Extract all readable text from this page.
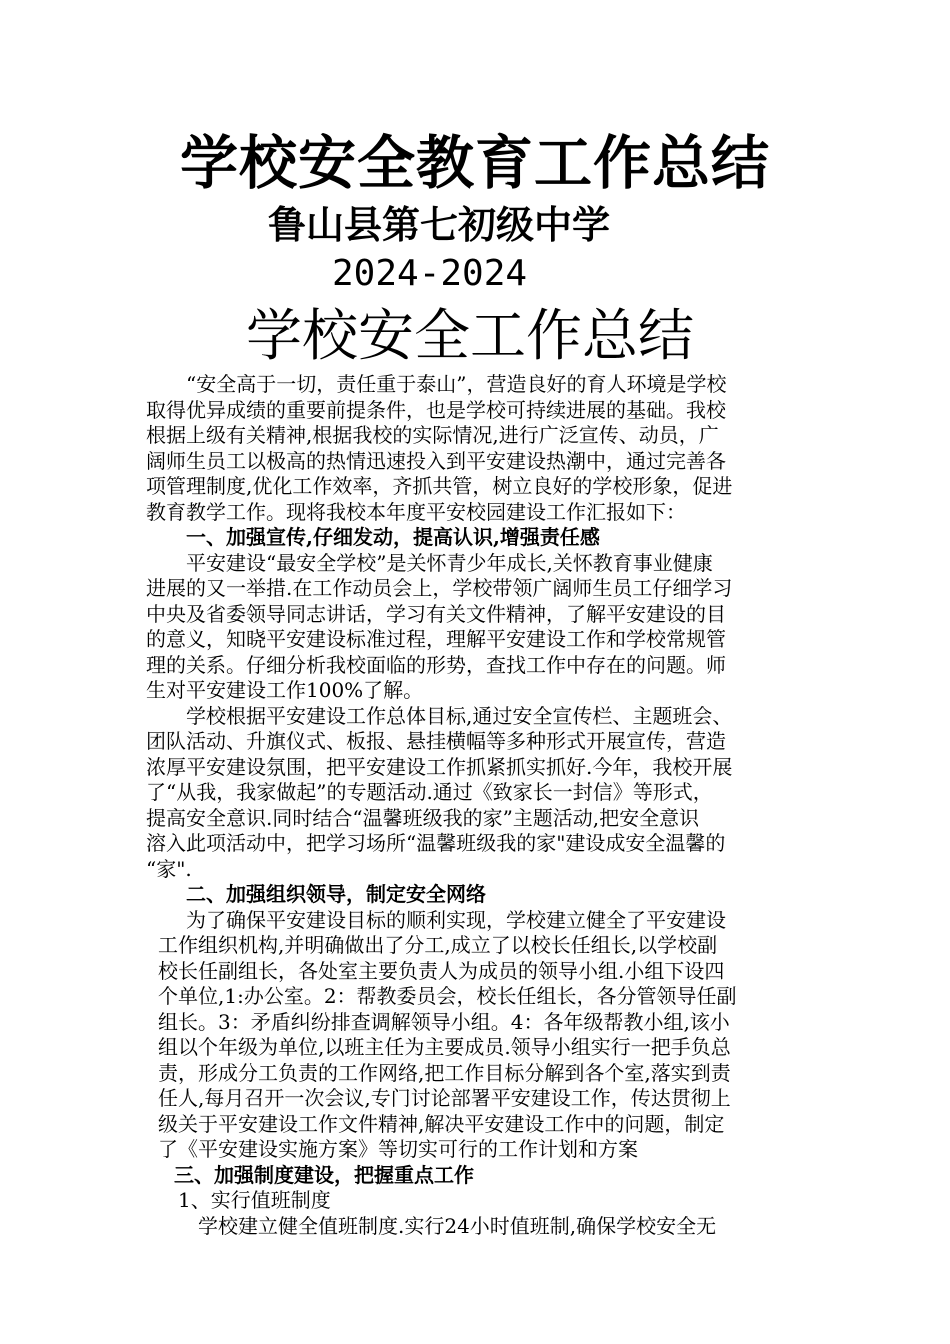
学校安全教育工作总结
鲁山县第七初级中学
2024-2024
学校安全工作总结
“安全高于一切，责任重于泰山”，营造良好的育人环境是学校
取得优异成绩的重要前提条件，也是学校可持续进展的基础。我校
根据上级有关精神,根据我校的实际情况,进行广泛宣传、动员，广
阔师生员工以极高的热情迅速投入到平安建设热潮中，通过完善各
项管理制度,优化工作效率，齐抓共管，树立良好的学校形象，促进
教育教学工作。现将我校本年度平安校园建设工作汇报如下：
一、加强宣传,仔细发动，提高认识,增强责任感
平安建设“最安全学校”是关怀青少年成长,关怀教育事业健康
进展的又一举措.在工作动员会上，学校带领广阔师生员工仔细学习
中央及省委领导同志讲话，学习有关文件精神，了解平安建设的目
的意义，知晓平安建设标准过程，理解平安建设工作和学校常规管
理的关系。仔细分析我校面临的形势，查找工作中存在的问题。师
生对平安建设工作100%了解。
学校根据平安建设工作总体目标,通过安全宣传栏、主题班会、
团队活动、升旗仪式、板报、悬挂横幅等多种形式开展宣传，营造
浓厚平安建设氛围，把平安建设工作抓紧抓实抓好.今年，我校开展
了“从我，我家做起”的专题活动.通过《致家长一封信》等形式，
提高安全意识.同时结合“温馨班级我的家”主题活动,把安全意识
溶入此项活动中，把学习场所“温馨班级我的家"建设成安全温馨的
“家".
二、加强组织领导，制定安全网络
为了确保平安建设目标的顺利实现，学校建立健全了平安建设
工作组织机构,并明确做出了分工,成立了以校长任组长,以学校副
校长任副组长，各处室主要负责人为成员的领导小组.小组下设四
个单位,1:办公室。2：帮教委员会，校长任组长，各分管领导任副
组长。3：矛盾纠纷排查调解领导小组。4：各年级帮教小组,该小
组以个年级为单位,以班主任为主要成员.领导小组实行一把手负总
责，形成分工负责的工作网络,把工作目标分解到各个室,落实到责
任人,每月召开一次会议,专门讨论部署平安建设工作，传达贯彻上
级关于平安建设工作文件精神,解决平安建设工作中的问题，制定
了《平安建设实施方案》等切实可行的工作计划和方案
三、加强制度建设，把握重点工作
1、实行值班制度
学校建立健全值班制度.实行24小时值班制,确保学校安全无
